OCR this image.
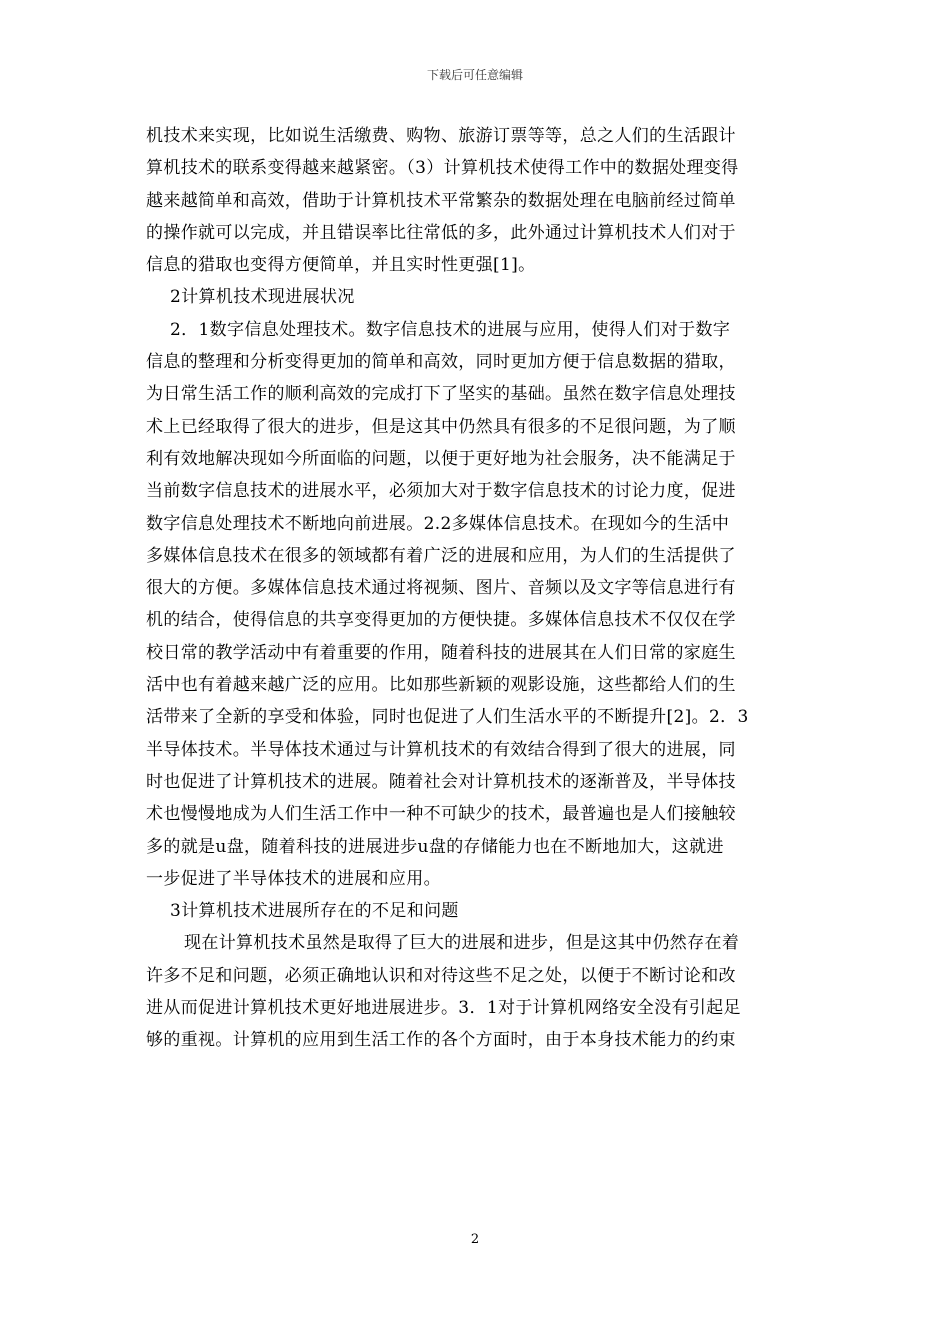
下载后可任意编辑
机技术来实现，比如说生活缴费、购物、旅游订票等等，总之人们的生活跟计
算机技术的联系变得越来越紧密。（3）计算机技术使得工作中的数据处理变得
越来越简单和高效，借助于计算机技术平常繁杂的数据处理在电脑前经过简单
的操作就可以完成，并且错误率比往常低的多，此外通过计算机技术人们对于
信息的猎取也变得方便简单，并且实时性更强[1]。
2计算机技术现进展状况
2．1数字信息处理技术。数字信息技术的进展与应用，使得人们对于数字
信息的整理和分析变得更加的简单和高效，同时更加方便于信息数据的猎取，
为日常生活工作的顺利高效的完成打下了坚实的基础。虽然在数字信息处理技
术上已经取得了很大的进步，但是这其中仍然具有很多的不足很问题，为了顺
利有效地解决现如今所面临的问题，以便于更好地为社会服务，决不能满足于
当前数字信息技术的进展水平，必须加大对于数字信息技术的讨论力度，促进
数字信息处理技术不断地向前进展。2.2多媒体信息技术。在现如今的生活中
多媒体信息技术在很多的领域都有着广泛的进展和应用，为人们的生活提供了
很大的方便。多媒体信息技术通过将视频、图片、音频以及文字等信息进行有
机的结合，使得信息的共享变得更加的方便快捷。多媒体信息技术不仅仅在学
校日常的教学活动中有着重要的作用，随着科技的进展其在人们日常的家庭生
活中也有着越来越广泛的应用。比如那些新颖的观影设施，这些都给人们的生
活带来了全新的享受和体验，同时也促进了人们生活水平的不断提升[2]。2．3
半导体技术。半导体技术通过与计算机技术的有效结合得到了很大的进展，同
时也促进了计算机技术的进展。随着社会对计算机技术的逐渐普及，半导体技
术也慢慢地成为人们生活工作中一种不可缺少的技术，最普遍也是人们接触较
多的就是u盘，随着科技的进展进步u盘的存储能力也在不断地加大，这就进
一步促进了半导体技术的进展和应用。
3计算机技术进展所存在的不足和问题
现在计算机技术虽然是取得了巨大的进展和进步，但是这其中仍然存在着
许多不足和问题，必须正确地认识和对待这些不足之处，以便于不断讨论和改
进从而促进计算机技术更好地进展进步。3．1对于计算机网络安全没有引起足
够的重视。计算机的应用到生活工作的各个方面时，由于本身技术能力的约束
2
